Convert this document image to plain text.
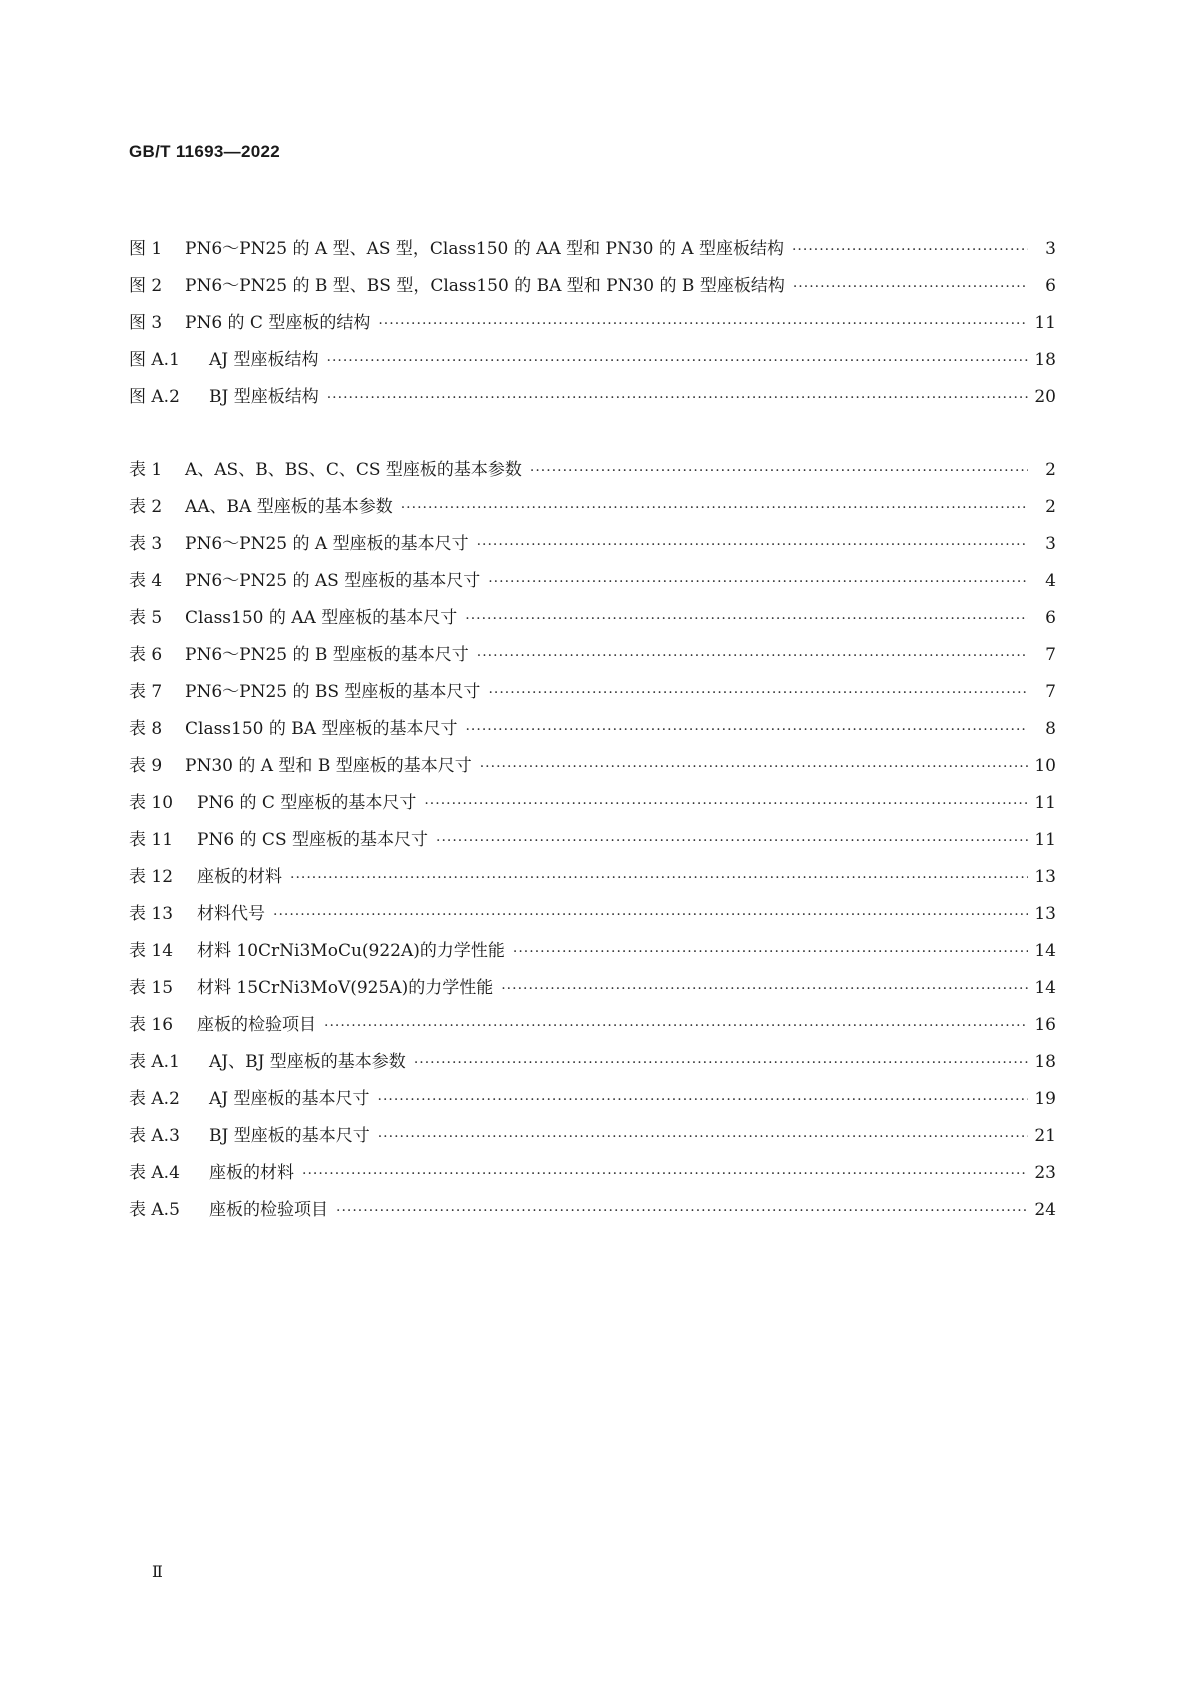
GB/T 11693—2022
图 1	PN6～PN25 的 A 型、AS 型，Class150 的 AA 型和 PN30 的 A 型座板结构 ·····	3
图 2	PN6～PN25 的 B 型、BS 型，Class150 的 BA 型和 PN30 的 B 型座板结构 ·····	6
图 3	PN6 的 C 型座板的结构 ·····	11
图 A.1	AJ 型座板结构 ·····	18
图 A.2	BJ 型座板结构 ·····	20
表 1	A、AS、B、BS、C、CS 型座板的基本参数 ·····	2
表 2	AA、BA 型座板的基本参数 ·····	2
表 3	PN6～PN25 的 A 型座板的基本尺寸 ·····	3
表 4	PN6～PN25 的 AS 型座板的基本尺寸 ·····	4
表 5	Class150 的 AA 型座板的基本尺寸 ·····	6
表 6	PN6～PN25 的 B 型座板的基本尺寸 ·····	7
表 7	PN6～PN25 的 BS 型座板的基本尺寸 ·····	7
表 8	Class150 的 BA 型座板的基本尺寸 ·····	8
表 9	PN30 的 A 型和 B 型座板的基本尺寸 ·····	10
表 10	PN6 的 C 型座板的基本尺寸 ·····	11
表 11	PN6 的 CS 型座板的基本尺寸 ·····	11
表 12	座板的材料 ·····	13
表 13	材料代号 ·····	13
表 14	材料 10CrNi3MoCu(922A)的力学性能 ·····	14
表 15	材料 15CrNi3MoV(925A)的力学性能 ·····	14
表 16	座板的检验项目 ·····	16
表 A.1	AJ、BJ 型座板的基本参数 ·····	18
表 A.2	AJ 型座板的基本尺寸 ·····	19
表 A.3	BJ 型座板的基本尺寸 ·····	21
表 A.4	座板的材料 ·····	23
表 A.5	座板的检验项目 ·····	24
Ⅱ
